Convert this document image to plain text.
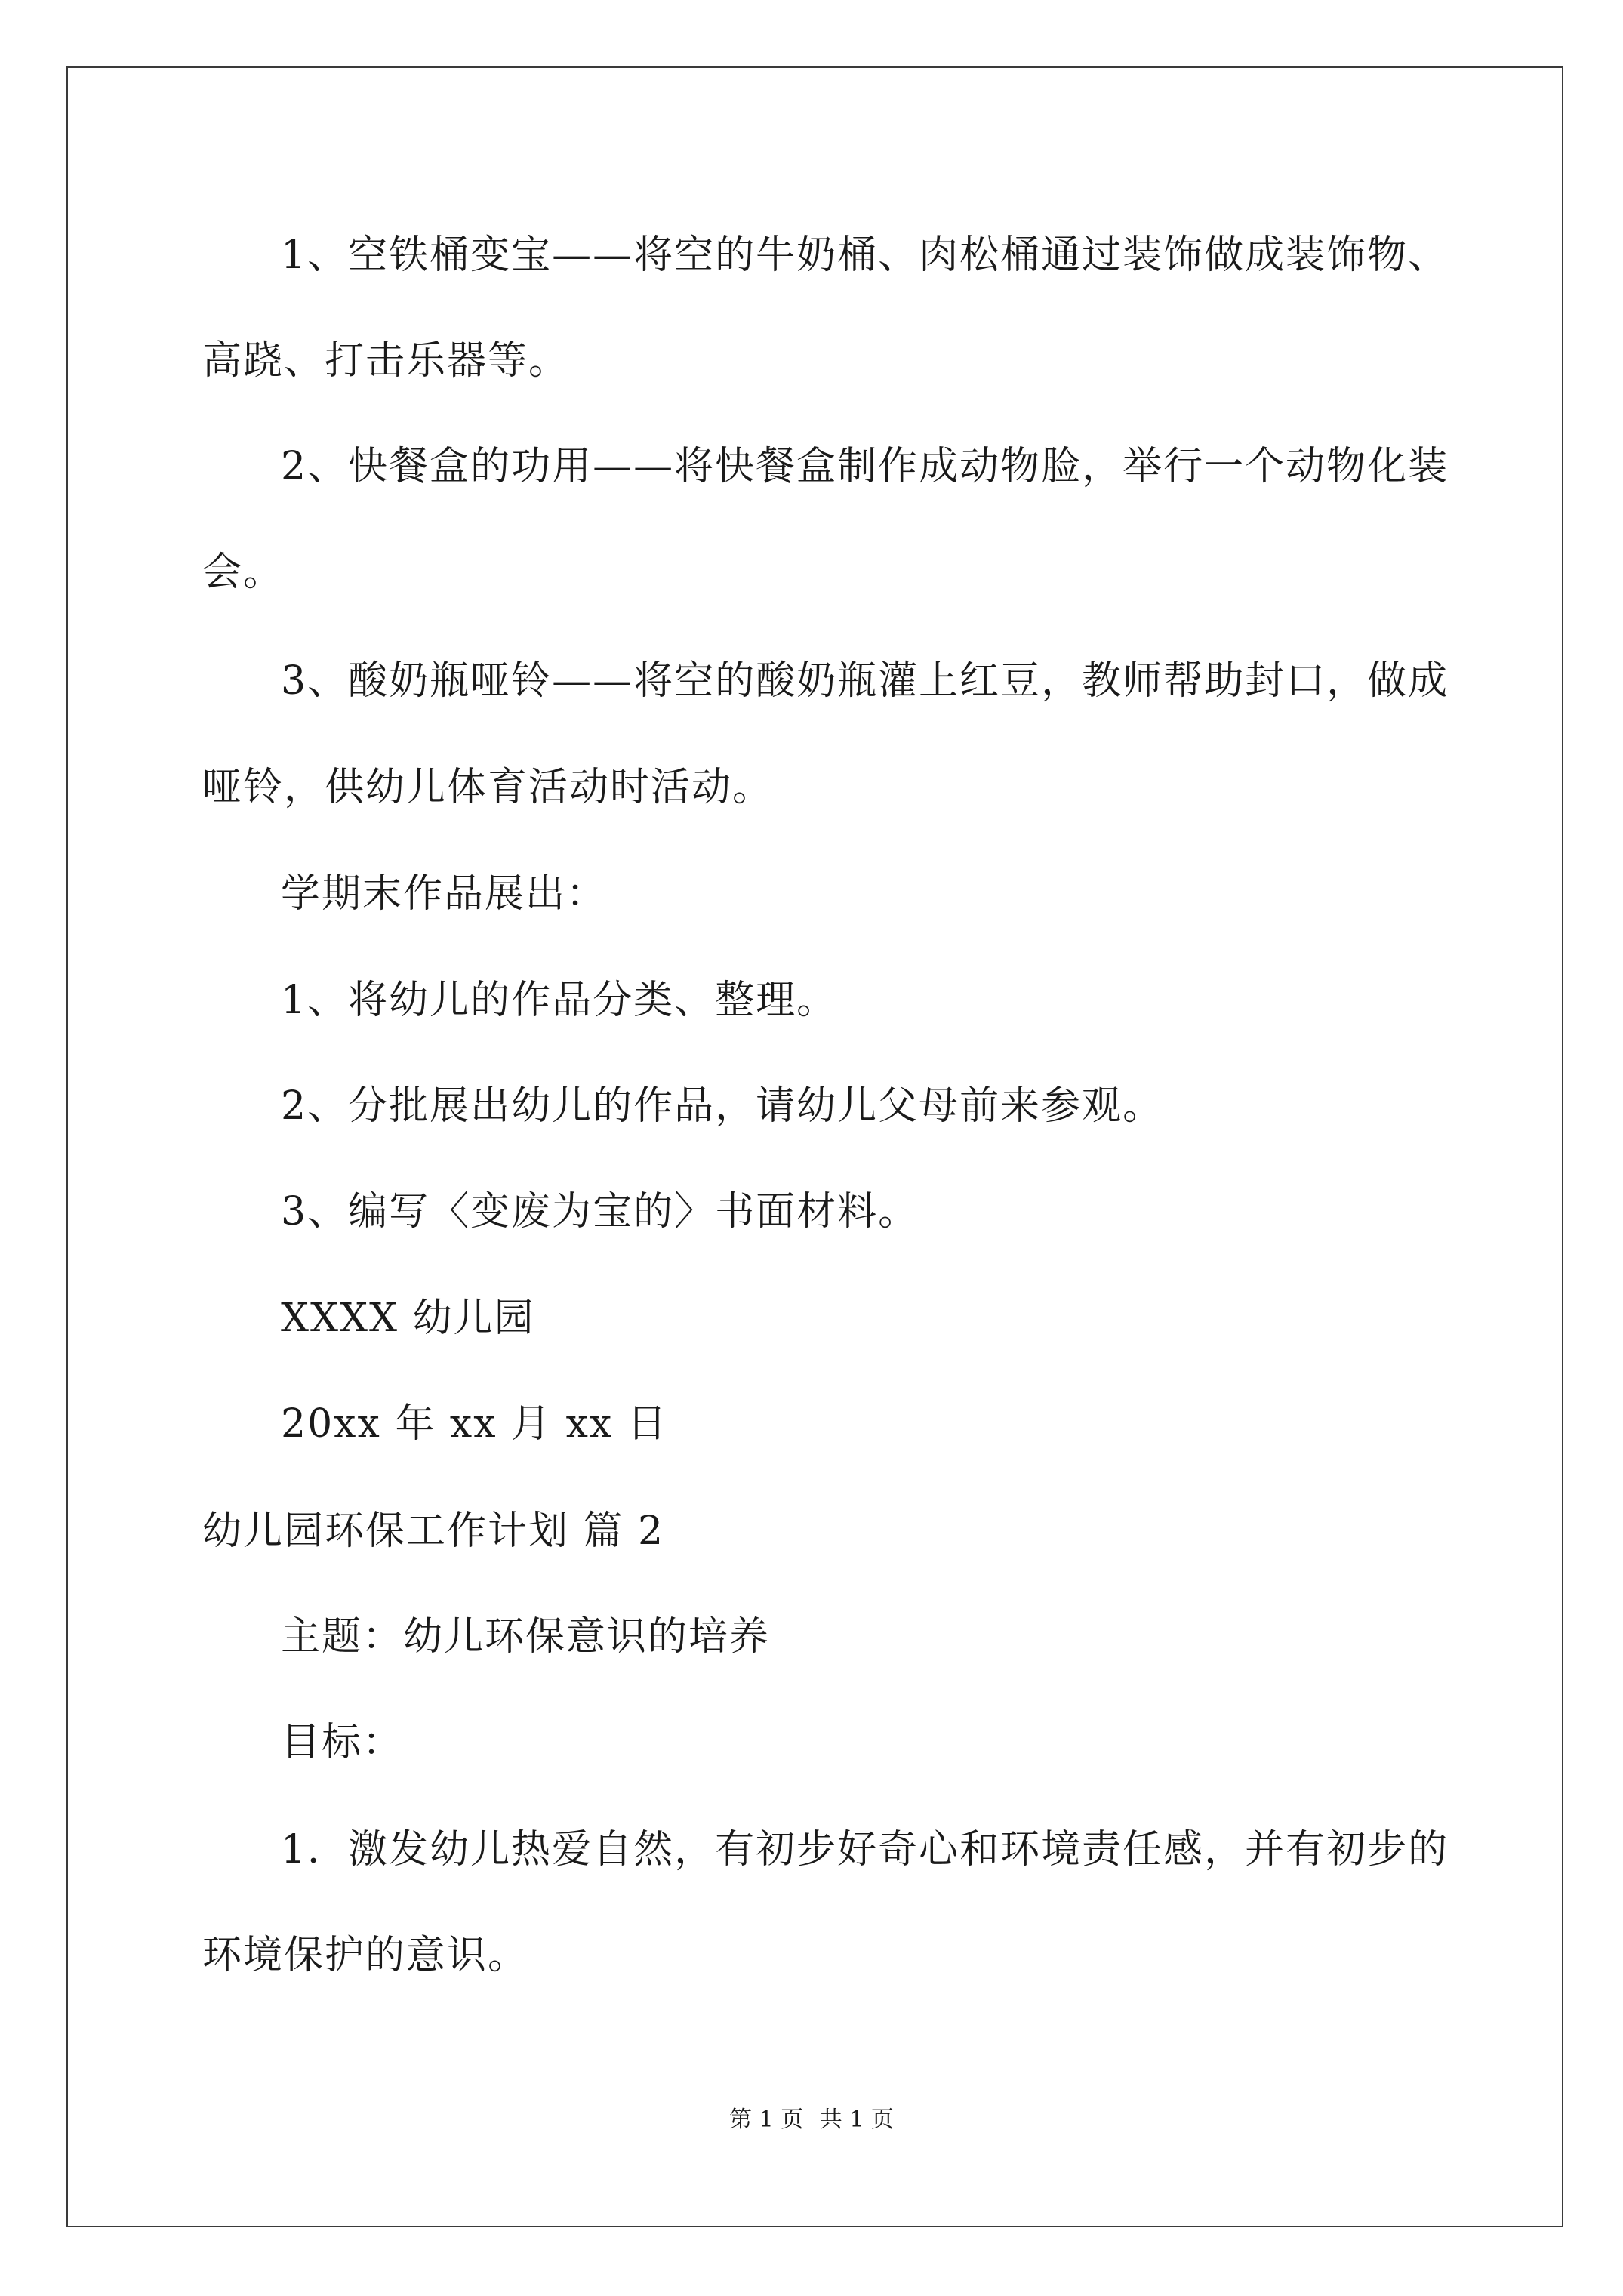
1、空铁桶变宝——将空的牛奶桶、肉松桶通过装饰做成装饰物、
高跷、打击乐器等。
2、快餐盒的功用——将快餐盒制作成动物脸，举行一个动物化装
会。
3、酸奶瓶哑铃——将空的酸奶瓶灌上红豆，教师帮助封口，做成
哑铃，供幼儿体育活动时活动。
学期末作品展出：
1、将幼儿的作品分类、整理。
2、分批展出幼儿的作品，请幼儿父母前来参观。
3、编写〈变废为宝的〉书面材料。
XXXX 幼儿园
20xx 年 xx 月 xx 日
幼儿园环保工作计划 篇 2
主题：幼儿环保意识的培养
目标：
1．激发幼儿热爱自然，有初步好奇心和环境责任感，并有初步的
环境保护的意识。
第 1 页 共 1 页
